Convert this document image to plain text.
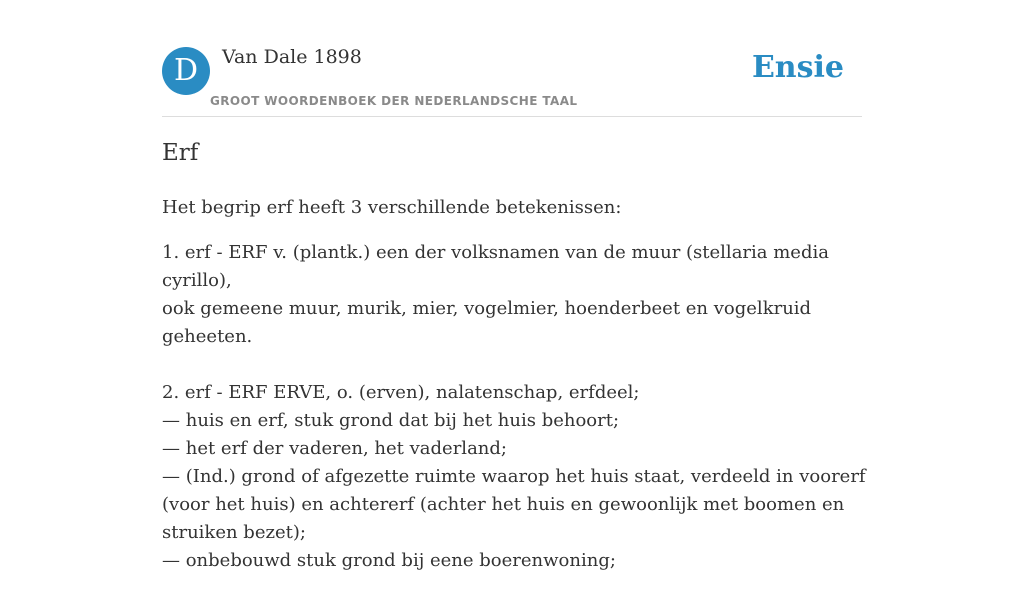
D	Van Dale 1898
GROOT WOORDENBOEK DER NEDERLANDSCHE TAAL
Ensie
Erf

Het begrip erf heeft 3 verschillende betekenissen:

1. erf - ERF v. (plantk.) een der volksnamen van de muur (stellaria media cyrillo),
ook gemeene muur, murik, mier, vogelmier, hoenderbeet en vogelkruid geheeten.
2. erf - ERF ERVE, o. (erven), nalatenschap, erfdeel;
— huis en erf, stuk grond dat bij het huis behoort;
— het erf der vaderen, het vaderland;
— (Ind.) grond of afgezette ruimte waarop het huis staat, verdeeld in voorerf
(voor het huis) en achtererf (achter het huis en gewoonlijk met boomen en
struiken bezet);
— onbebouwd stuk grond bij eene boerenwoning;
